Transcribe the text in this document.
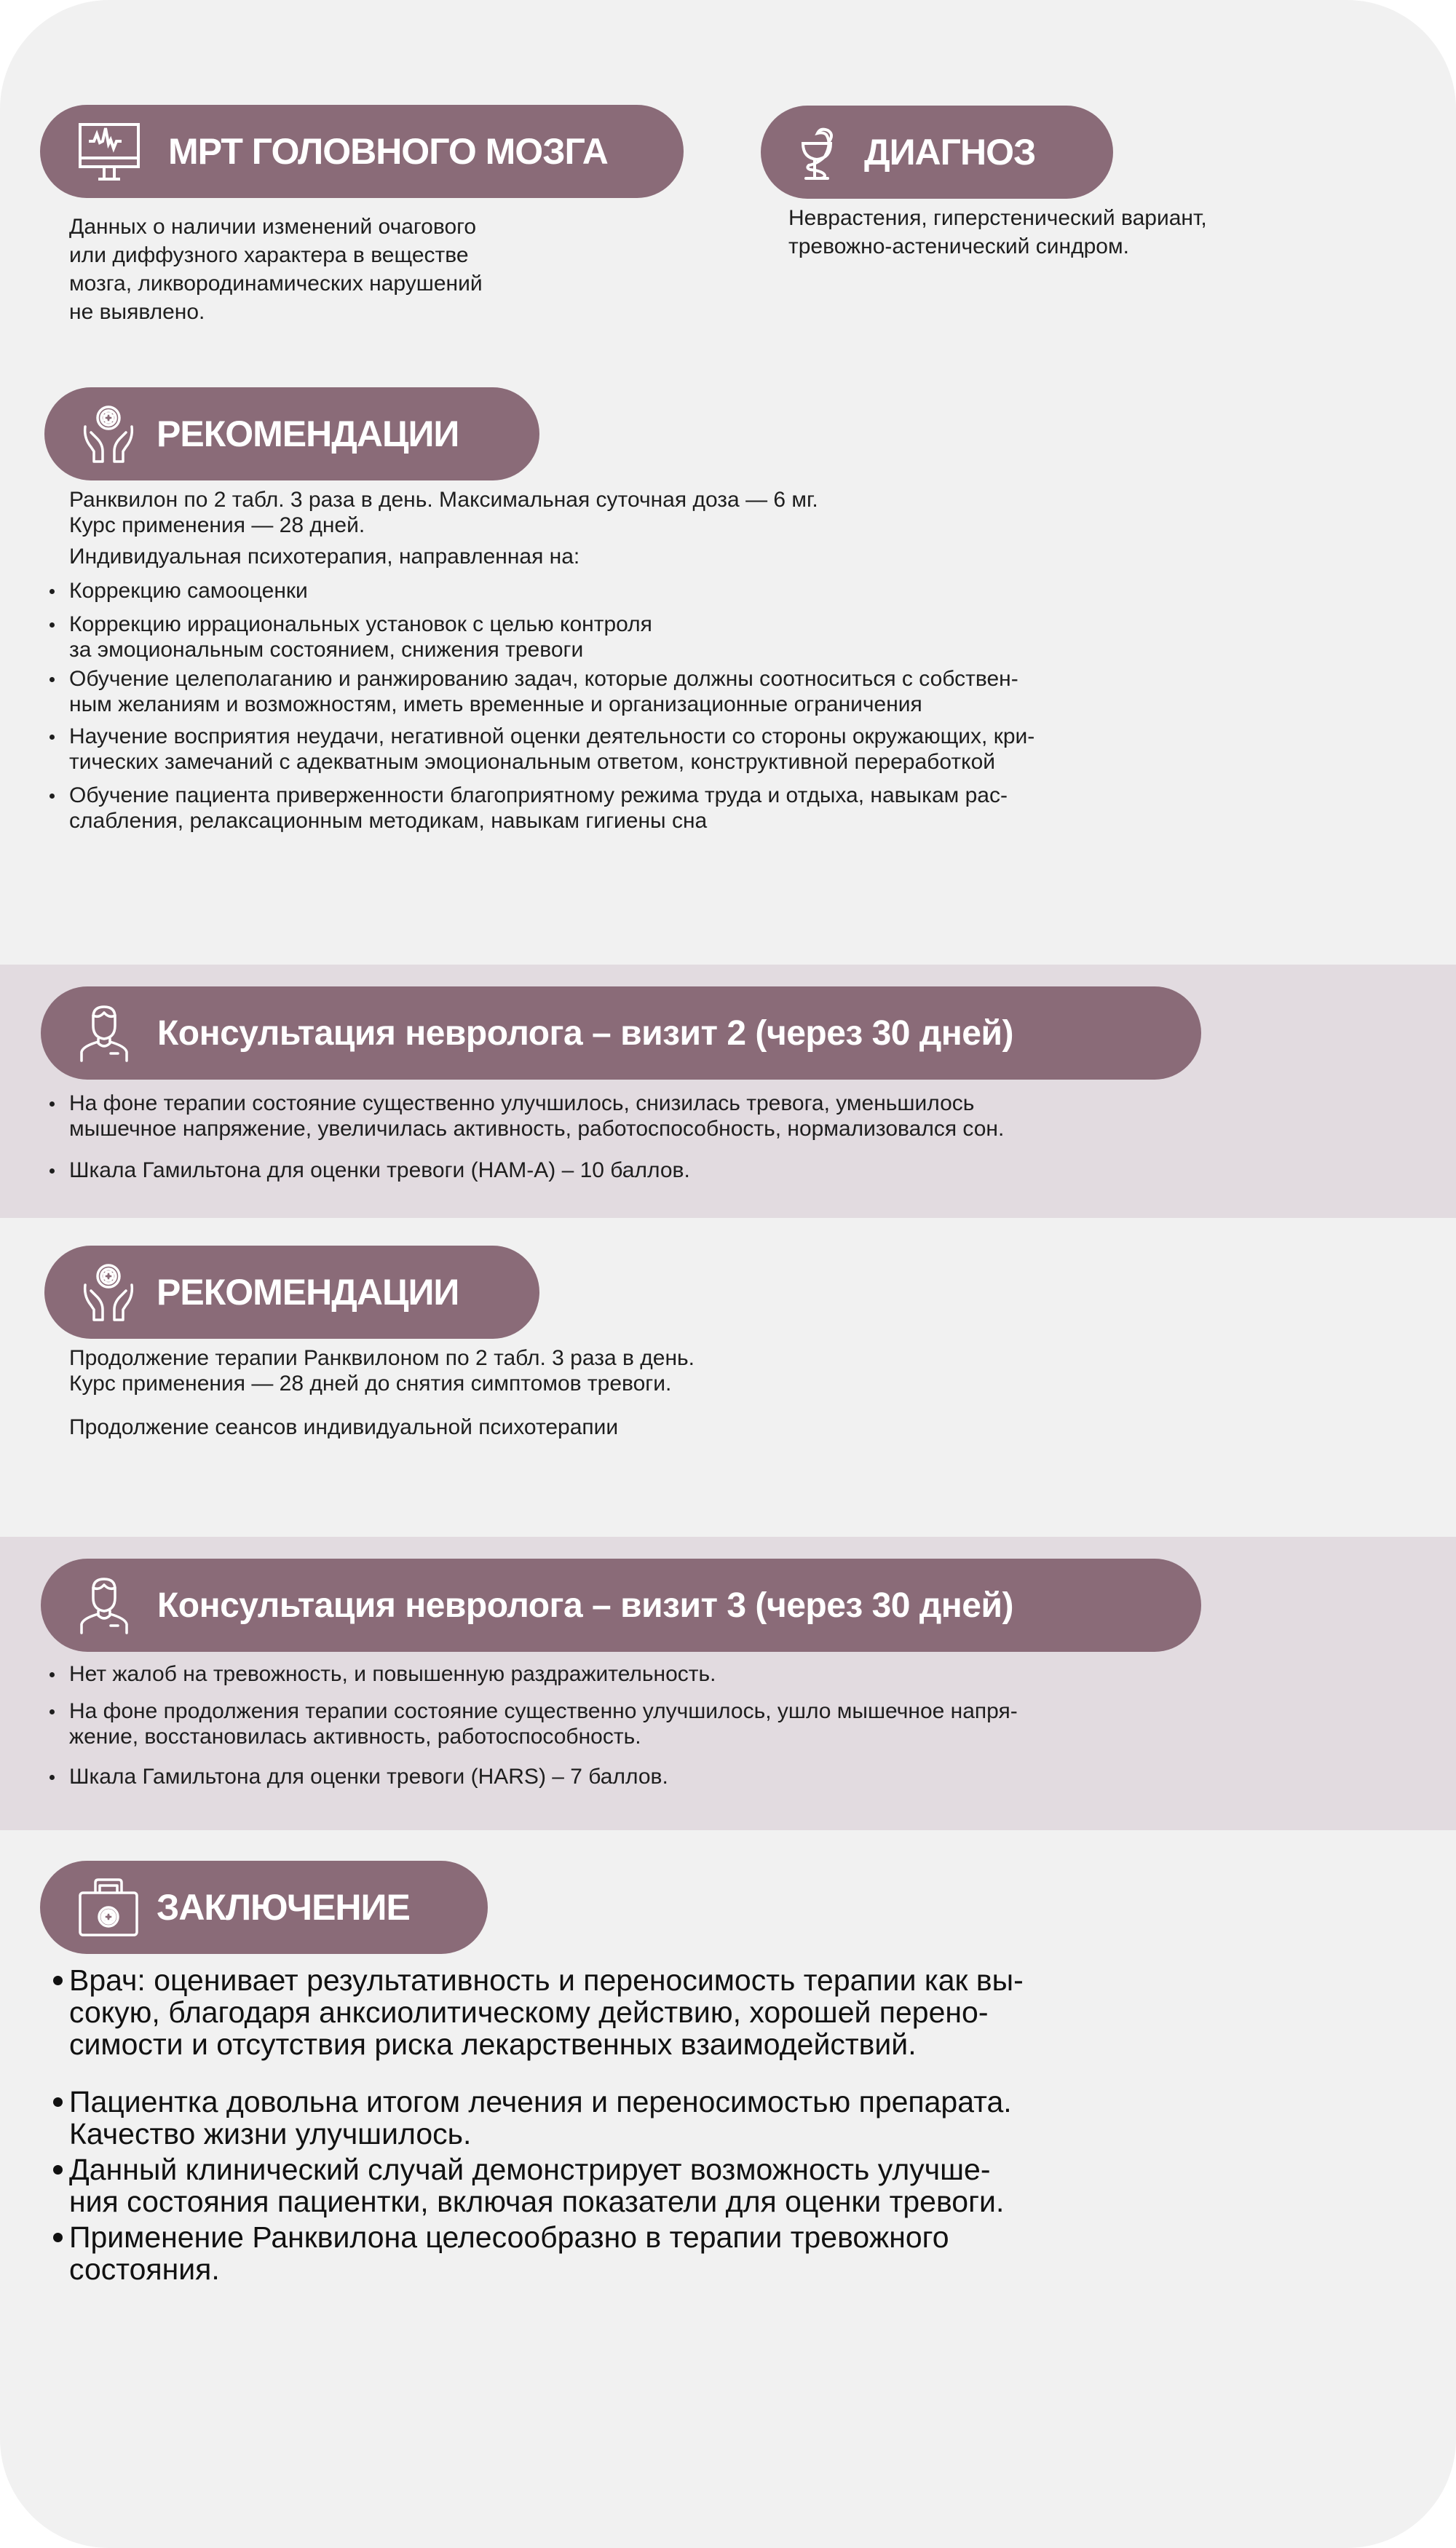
МРТ ГОЛОВНОГО МОЗГА
Данных о наличии изменений очагового
или диффузного характера в веществе
мозга, ликвородинамических нарушений
не выявлено.
ДИАГНОЗ
Неврастения, гиперстенический вариант,
тревожно-астенический синдром.
РЕКОМЕНДАЦИИ
Ранквилон по 2 табл. 3 раза в день. Максимальная суточная доза — 6 мг.
Курс применения — 28 дней.
Индивидуальная психотерапия, направленная на:
Коррекцию самооценки
Коррекцию иррациональных установок с целью контроля
за эмоциональным состоянием, снижения тревоги
Обучение целеполаганию и ранжированию задач, которые должны соотноситься с собствен-
ным желаниям и возможностям, иметь временные и организационные ограничения
Научение восприятия неудачи, негативной оценки деятельности со стороны окружающих, кри-
тических замечаний с адекватным эмоциональным ответом, конструктивной переработкой
Обучение пациента приверженности благоприятному режима труда и отдыха, навыкам рас-
слабления, релаксационным методикам, навыкам гигиены сна
Консультация невролога – визит 2 (через 30 дней)
На фоне терапии состояние существенно улучшилось, снизилась тревога, уменьшилось
мышечное напряжение, увеличилась активность, работоспособность, нормализовался сон.
Шкала Гамильтона для оценки тревоги (HAM-A) – 10 баллов.
РЕКОМЕНДАЦИИ
Продолжение терапии Ранквилоном по 2 табл. 3 раза в день.
Курс применения — 28 дней до снятия симптомов тревоги.
Продолжение сеансов индивидуальной психотерапии
Консультация невролога – визит 3 (через 30 дней)
Нет жалоб на тревожность, и повышенную раздражительность.
На фоне продолжения терапии состояние существенно улучшилось, ушло мышечное напря-
жение, восстановилась активность, работоспособность.
Шкала Гамильтона для оценки тревоги (HARS) – 7 баллов.
ЗАКЛЮЧЕНИЕ
Врач: оценивает результативность и переносимость терапии как вы-
сокую, благодаря анксиолитическому действию, хорошей перено-
симости и отсутствия риска лекарственных взаимодействий.
Пациентка довольна итогом лечения и переносимостью препарата.
Качество жизни улучшилось.
Данный клинический случай демонстрирует возможность улучше-
ния состояния пациентки, включая показатели для оценки тревоги.
Применение Ранквилона целесообразно в терапии тревожного
состояния.
